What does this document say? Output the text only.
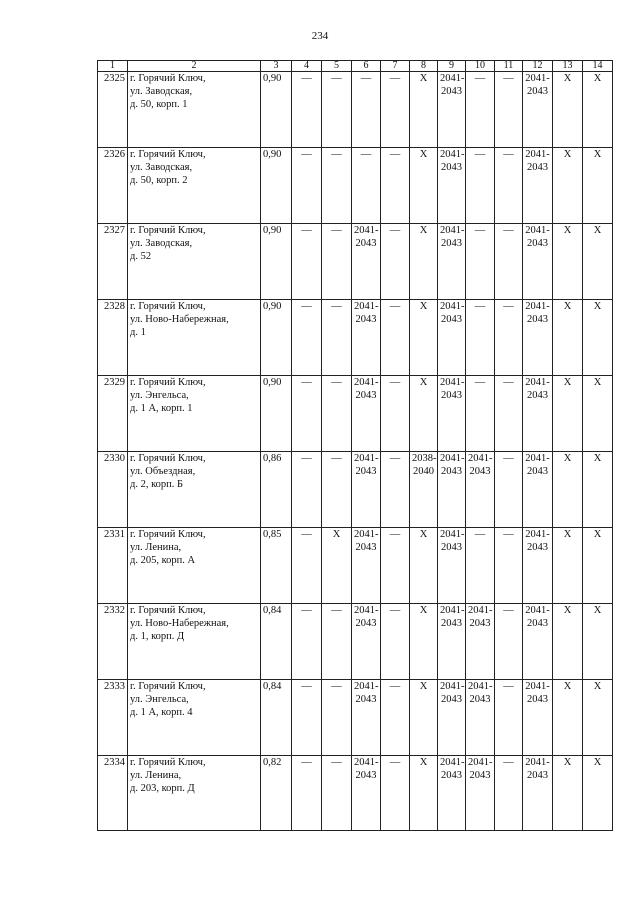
234
1	2	3	4	5	6	7	8	9	10	11	12	13	14
2325	г. Горячий Ключ,
ул. Заводская,
д. 50, корп. 1	0,90	—	—	—	—	X	2041-
2043	—	—	2041-
2043	X	X

2326	г. Горячий Ключ,
ул. Заводская,
д. 50, корп. 2	0,90	—	—	—	—	X	2041-
2043	—	—	2041-
2043	X	X

2327	г. Горячий Ключ,
ул. Заводская,
д. 52	0,90	—	—	2041-
2043	—	X	2041-
2043	—	—	2041-
2043	X	X

2328	г. Горячий Ключ,
ул. Ново-Набережная,
д. 1	0,90	—	—	2041-
2043	—	X	2041-
2043	—	—	2041-
2043	X	X

2329	г. Горячий Ключ,
ул. Энгельса,
д. 1 А, корп. 1	0,90	—	—	2041-
2043	—	X	2041-
2043	—	—	2041-
2043	X	X

2330	г. Горячий Ключ,
ул. Объездная,
д. 2, корп. Б	0,86	—	—	2041-
2043	—	2038-
2040	2041-
2043	2041-
2043	—	2041-
2043	X	X

2331	г. Горячий Ключ,
ул. Ленина,
д. 205, корп. А	0,85	—	X	2041-
2043	—	X	2041-
2043	—	—	2041-
2043	X	X

2332	г. Горячий Ключ,
ул. Ново-Набережная,
д. 1, корп. Д	0,84	—	—	2041-
2043	—	X	2041-
2043	2041-
2043	—	2041-
2043	X	X

2333	г. Горячий Ключ,
ул. Энгельса,
д. 1 А, корп. 4	0,84	—	—	2041-
2043	—	X	2041-
2043	2041-
2043	—	2041-
2043	X	X

2334	г. Горячий Ключ,
ул. Ленина,
д. 203, корп. Д	0,82	—	—	2041-
2043	—	X	2041-
2043	2041-
2043	—	2041-
2043	X	X
